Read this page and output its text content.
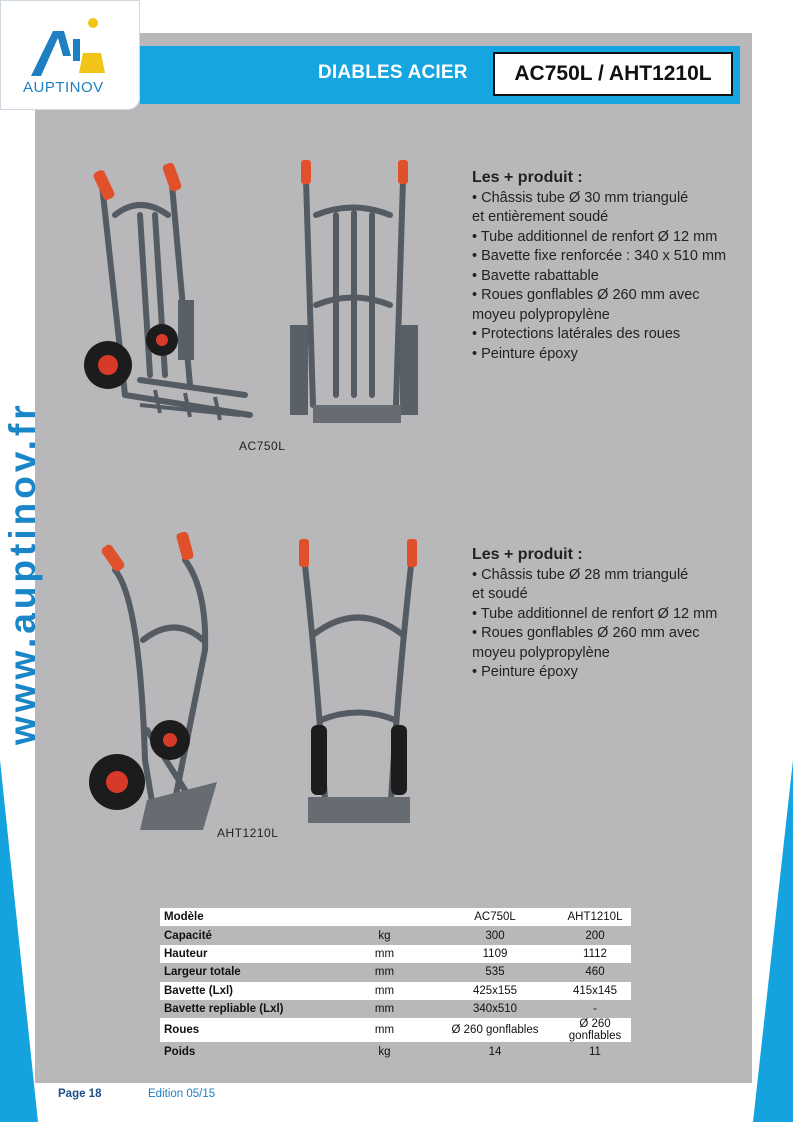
DIABLES ACIER	AC750L / AHT1210L
AUPTINOV
www.auptinov.fr	AC750L
Les + produit :
• Châssis tube Ø 30 mm triangulé
et entièrement soudé
• Tube additionnel de renfort Ø 12 mm
• Bavette fixe renforcée : 340 x 510 mm
• Bavette rabattable
• Roues gonflables Ø 260 mm avec
moyeu polypropylène
• Protections latérales des roues
• Peinture époxy
AHT1210L
Les + produit :
• Châssis tube Ø 28 mm triangulé
et soudé
• Tube additionnel de renfort Ø 12 mm
• Roues gonflables Ø 260 mm avec
moyeu polypropylène
• Peinture époxy
Modèle		AC750L	AHT1210L
Capacité	kg	300	200
Hauteur	mm	1109	1112
Largeur totale	mm	535	460
Bavette (Lxl)	mm	425x155	415x145
Bavette repliable (Lxl)	mm	340x510	-
Roues	mm	Ø 260 gonflables	Ø 260 gonflables
Poids	kg	14	11
Page 18	Edition 05/15
